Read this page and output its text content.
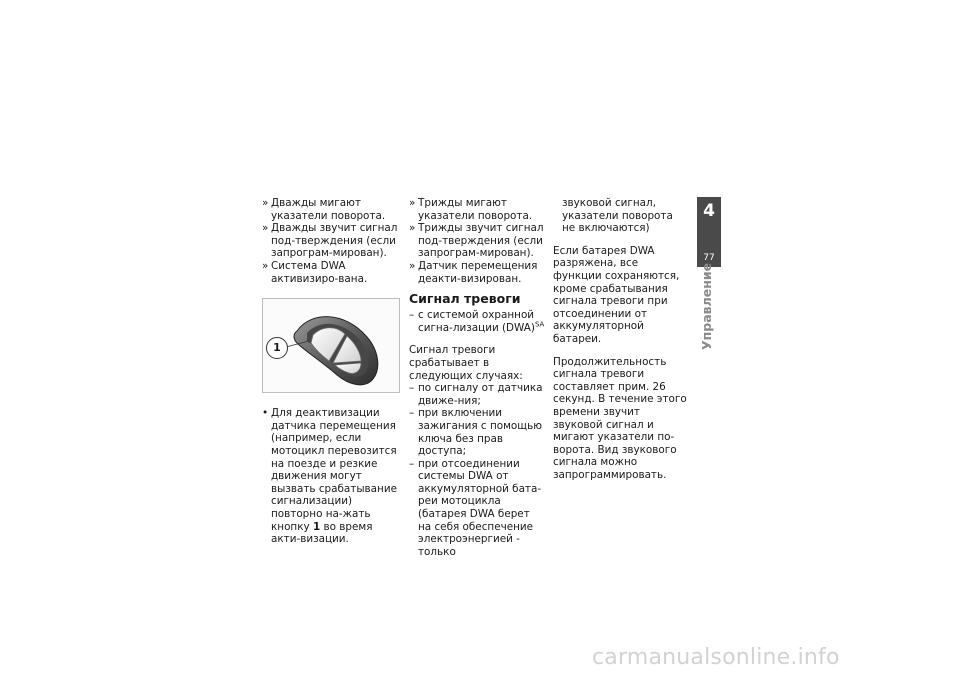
» Дважды мигают указатели поворота.
» Дважды звучит сигнал под-тверждения (если запрограм-мирован).
» Система DWA активизиро-вана.
1
• Для деактивизации датчика перемещения (например, если мотоцикл перевозится на поезде и резкие движения могут вызвать срабатывание сигнализации) повторно на-жать кнопку 1 во время акти-визации.
» Трижды мигают указатели поворота.
» Трижды звучит сигнал под-тверждения (если запрограм-мирован).
» Датчик перемещения деакти-визирован.
Сигнал тревоги
– с системой охранной сигна-лизации (DWA)$^{SA}$

Сигнал тревоги срабатывает в следующих случаях:

– по сигналу от датчика движе-ния;
– при включении зажигания с помощью ключа без прав доступа;
– при отсоединении системы DWA от аккумуляторной бата-реи мотоцикла (батарея DWA берет на себя обеспечение электроэнергией - только
звуковой сигнал, указатели поворота не включаются)

Если батарея DWA разряжена, все функции сохраняются, кроме срабатывания сигнала тревоги при отсоединении от аккумуляторной батареи.

Продолжительность сигнала тревоги составляет прим. 26 секунд. В течение этого времени звучит звуковой сигнал и мигают указатели по-ворота. Вид звукового сигнала можно запрограммировать.

4
77
Управление
carmanualsonline.info
